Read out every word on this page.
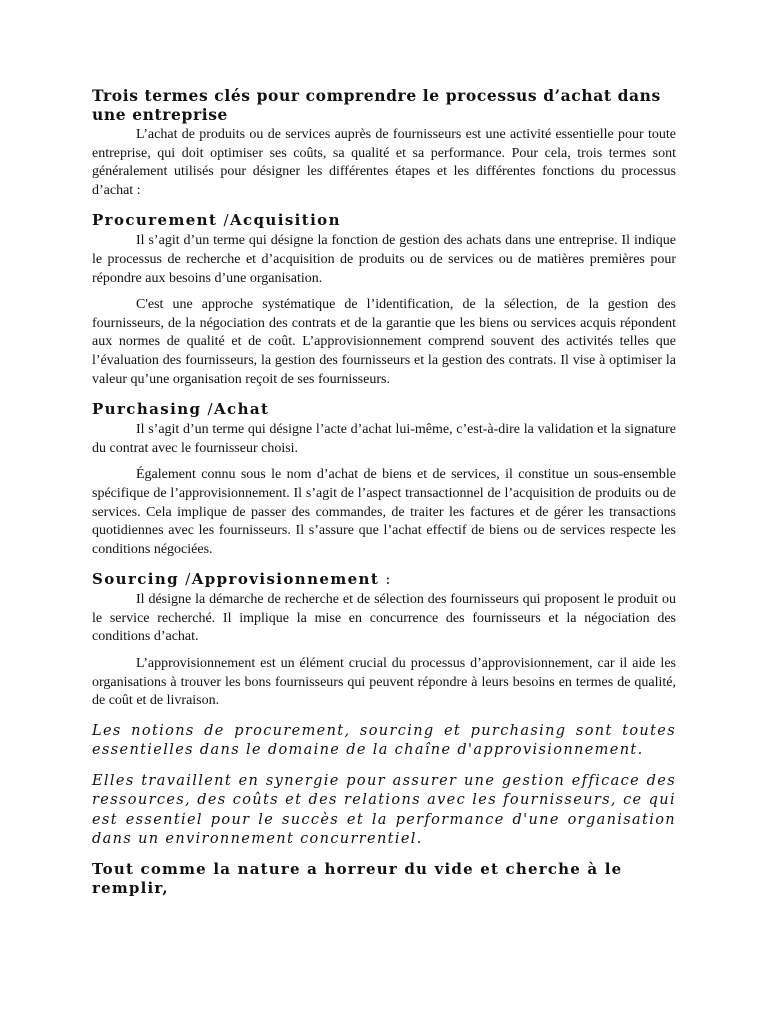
Trois termes clés pour comprendre le processus d’achat dans une entreprise

L’achat de produits ou de services auprès de fournisseurs est une activité essentielle pour toute entreprise, qui doit optimiser ses coûts, sa qualité et sa performance. Pour cela, trois termes sont généralement utilisés pour désigner les différentes étapes et les différentes fonctions du processus d’achat :

Procurement /Acquisition

Il s’agit d’un terme qui désigne la fonction de gestion des achats dans une entreprise. Il indique le processus de recherche et d’acquisition de produits ou de services ou de matières premières pour répondre aux besoins d’une organisation.

C'est une approche systématique de l’identification, de la sélection, de la gestion des fournisseurs, de la négociation des contrats et de la garantie que les biens ou services acquis répondent aux normes de qualité et de coût. L’approvisionnement comprend souvent des activités telles que l’évaluation des fournisseurs, la gestion des fournisseurs et la gestion des contrats. Il vise à optimiser la valeur qu’une organisation reçoit de ses fournisseurs.

Purchasing /Achat

Il s’agit d’un terme qui désigne l’acte d’achat lui-même, c’est-à-dire la validation et la signature du contrat avec le fournisseur choisi.

Également connu sous le nom d’achat de biens et de services, il constitue un sous-ensemble spécifique de l’approvisionnement. Il s’agit de l’aspect transactionnel de l’acquisition de produits ou de services. Cela implique de passer des commandes, de traiter les factures et de gérer les transactions quotidiennes avec les fournisseurs. Il s’assure que l’achat effectif de biens ou de services respecte les conditions négociées.

Sourcing /Approvisionnement :

Il désigne la démarche de recherche et de sélection des fournisseurs qui proposent le produit ou le service recherché. Il implique la mise en concurrence des fournisseurs et la négociation des conditions d’achat.

L’approvisionnement est un élément crucial du processus d’approvisionnement, car il aide les organisations à trouver les bons fournisseurs qui peuvent répondre à leurs besoins en termes de qualité, de coût et de livraison.

Les notions de procurement, sourcing et purchasing sont toutes essentielles dans le domaine de la chaîne d'approvisionnement.

Elles travaillent en synergie pour assurer une gestion efficace des ressources, des coûts et des relations avec les fournisseurs, ce qui est essentiel pour le succès et la performance d'une organisation dans un environnement concurrentiel.

Tout comme la nature a horreur du vide et cherche à le remplir,
